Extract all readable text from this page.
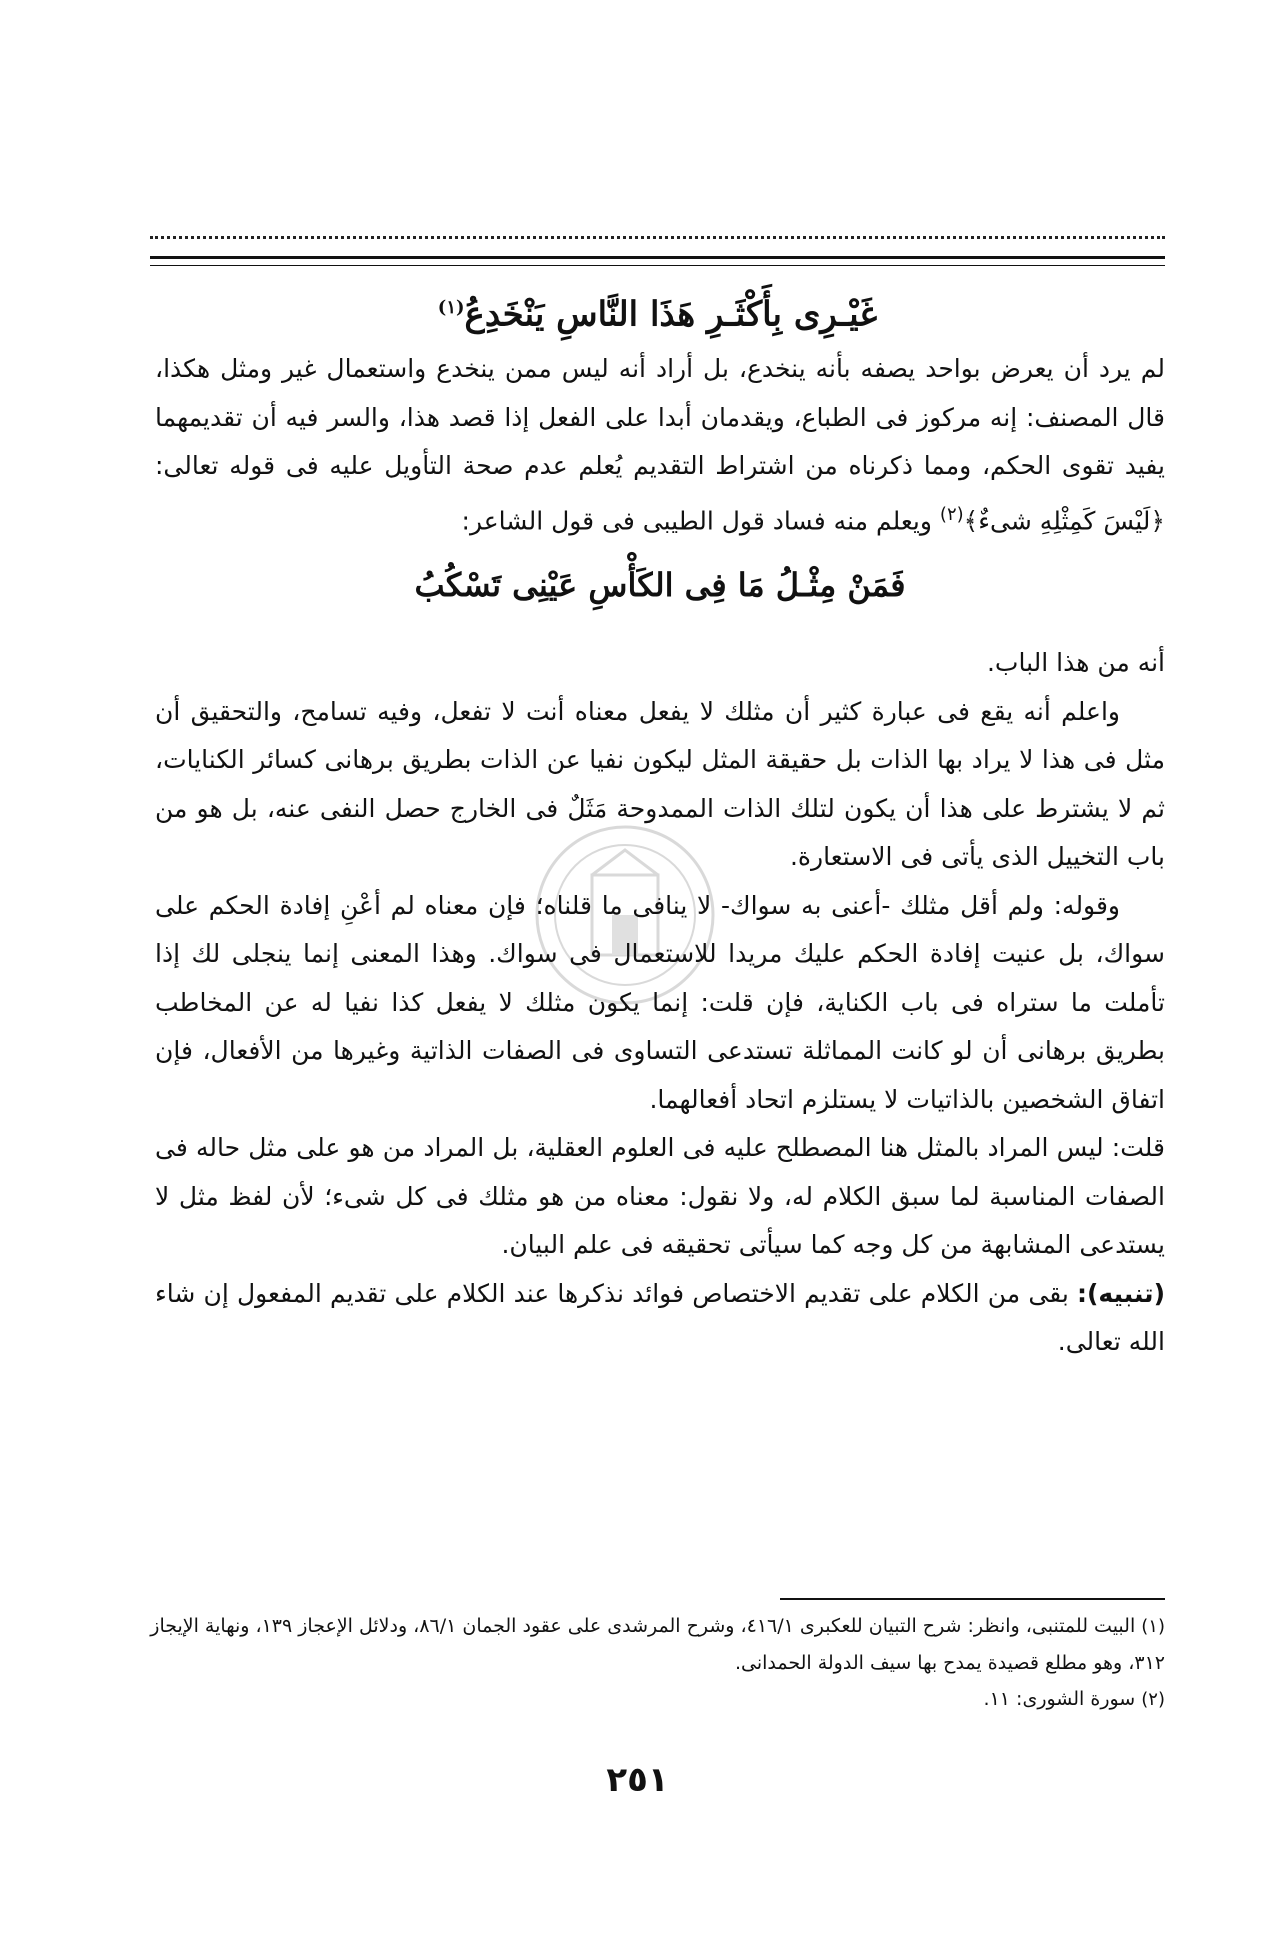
غَيْـرِى بِأَكْثَـرِ هَذَا النَّاسِ يَنْخَدِعُ$^{(١)}$

لم يرد أن يعرض بواحد يصفه بأنه ينخدع، بل أراد أنه ليس ممن ينخدع واستعمال غير ومثل هكذا، قال المصنف: إنه مركوز فى الطباع، ويقدمان أبدا على الفعل إذا قصد هذا، والسر فيه أن تقديمهما يفيد تقوى الحكم، ومما ذكرناه من اشتراط التقديم يُعلم عدم صحة التأويل عليه فى قوله تعالى: ﴿لَيْسَ كَمِثْلِهِ شىءٌ﴾$^{(٢)}$ ويعلم منه فساد قول الطيبى فى قول الشاعر:

فَمَنْ مِثْـلُ مَا فِى الكَأْسِ عَيْنِى تَسْكُبُ

أنه من هذا الباب.

واعلم أنه يقع فى عبارة كثير أن مثلك لا يفعل معناه أنت لا تفعل، وفيه تسامح، والتحقيق أن مثل فى هذا لا يراد بها الذات بل حقيقة المثل ليكون نفيا عن الذات بطريق برهانى كسائر الكنايات، ثم لا يشترط على هذا أن يكون لتلك الذات الممدوحة مَثَلٌ فى الخارج حصل النفى عنه، بل هو من باب التخييل الذى يأتى فى الاستعارة.

وقوله: ولم أقل مثلك -أعنى به سواك- لا ينافى ما قلناه؛ فإن معناه لم أعْنِ إفادة الحكم على سواك، بل عنيت إفادة الحكم عليك مريدا للاستعمال فى سواك. وهذا المعنى إنما ينجلى لك إذا تأملت ما ستراه فى باب الكناية، فإن قلت: إنما يكون مثلك لا يفعل كذا نفيا له عن المخاطب بطريق برهانى أن لو كانت المماثلة تستدعى التساوى فى الصفات الذاتية وغيرها من الأفعال، فإن اتفاق الشخصين بالذاتيات لا يستلزم اتحاد أفعالهما.

قلت: ليس المراد بالمثل هنا المصطلح عليه فى العلوم العقلية، بل المراد من هو على مثل حاله فى الصفات المناسبة لما سبق الكلام له، ولا نقول: معناه من هو مثلك فى كل شىء؛ لأن لفظ مثل لا يستدعى المشابهة من كل وجه كما سيأتى تحقيقه فى علم البيان.

(تنبيه): بقى من الكلام على تقديم الاختصاص فوائد نذكرها عند الكلام على تقديم المفعول إن شاء الله تعالى.

(١) البيت للمتنبى، وانظر: شرح التبيان للعكبرى ٤١٦/١، وشرح المرشدى على عقود الجمان ٨٦/١، ودلائل الإعجاز ١٣٩، ونهاية الإيجاز ٣١٢، وهو مطلع قصيدة يمدح بها سيف الدولة الحمدانى.

(٢) سورة الشورى: ١١.

٢٥١
